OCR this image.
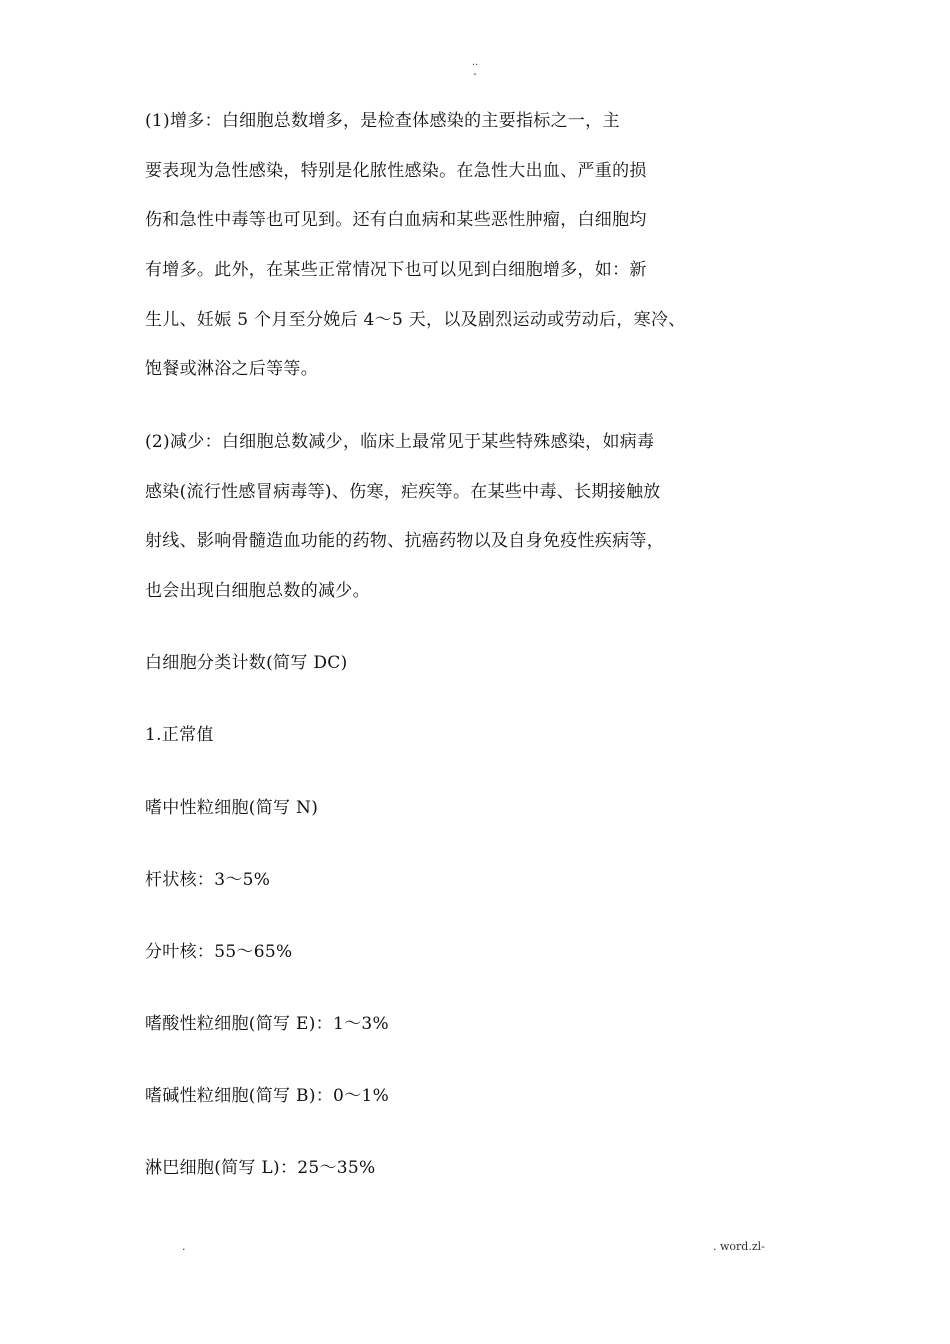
..
-
(1)增多：白细胞总数增多，是检查体感染的主要指标之一，主
要表现为急性感染，特别是化脓性感染。在急性大出血、严重的损
伤和急性中毒等也可见到。还有白血病和某些恶性肿瘤，白细胞均
有增多。此外，在某些正常情况下也可以见到白细胞增多，如：新
生儿、妊娠 5 个月至分娩后 4～5 天，以及剧烈运动或劳动后，寒冷、
饱餐或淋浴之后等等。
(2)减少：白细胞总数减少，临床上最常见于某些特殊感染，如病毒
感染(流行性感冒病毒等)、伤寒，疟疾等。在某些中毒、长期接触放
射线、影响骨髓造血功能的药物、抗癌药物以及自身免疫性疾病等，
也会出现白细胞总数的减少。
白细胞分类计数(简写 DC)
1.正常值
嗜中性粒细胞(简写 N)
杆状核：3～5%
分叶核：55～65%
嗜酸性粒细胞(简写 E)：1～3%
嗜碱性粒细胞(简写 B)：0～1%
淋巴细胞(简写 L)：25～35%
.	. word.zl-
